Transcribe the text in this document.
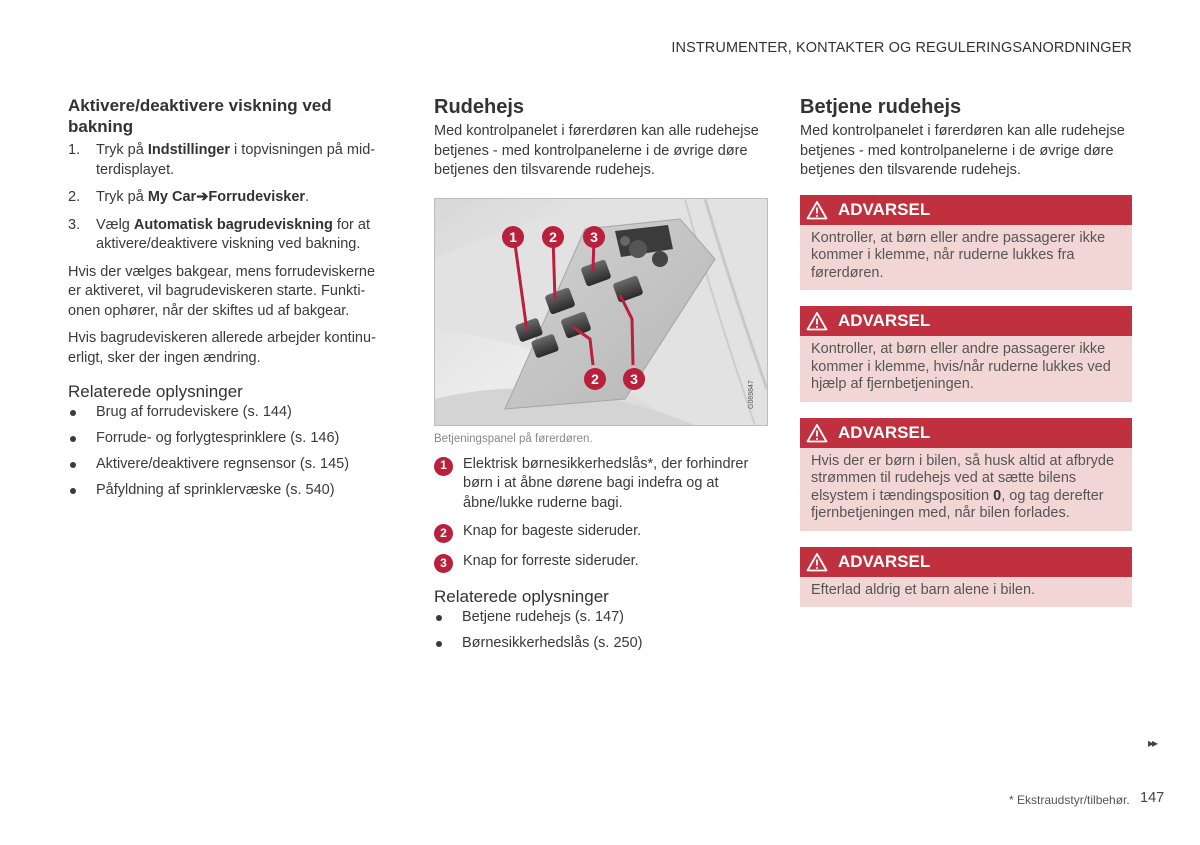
INSTRUMENTER, KONTAKTER OG REGULERINGSANORDNINGER
Aktivere/deaktivere viskning ved bakning
1.	Tryk på Indstillinger i topvisningen på midterdisplayet.
2.	Tryk på My Car➔Forrudevisker.
3.	Vælg Automatisk bagrudeviskning for at aktivere/deaktivere viskning ved bakning.

Hvis der vælges bakgear, mens forrudeviskerne er aktiveret, vil bagrudeviskeren starte. Funktionen ophører, når der skiftes ud af bakgear.

Hvis bagrudeviskeren allerede arbejder kontinuerligt, sker der ingen ændring.

Relaterede oplysninger
Brug af forrudeviskere (s. 144)
Forrude- og forlygtesprinklere (s. 146)
Aktivere/deaktivere regnsensor (s. 145)
Påfyldning af sprinklervæske (s. 540)
Rudehejs

Med kontrolpanelet i førerdøren kan alle rudehejse betjenes - med kontrolpanelerne i de øvrige døre betjenes den tilsvarende rudehejs.

1 2 3
2 3
G069847
Betjeningspanel på førerdøren.
1	Elektrisk børnesikkerhedslås*, der forhindrer børn i at åbne dørene bagi indefra og at åbne/lukke ruderne bagi.
2	Knap for bageste sideruder.
3	Knap for forreste sideruder.
Relaterede oplysninger
Betjene rudehejs (s. 147)
Børnesikkerhedslås (s. 250)
Betjene rudehejs

Med kontrolpanelet i førerdøren kan alle rudehejse betjenes - med kontrolpanelerne i de øvrige døre betjenes den tilsvarende rudehejs.

ADVARSEL
Kontroller, at børn eller andre passagerer ikke kommer i klemme, når ruderne lukkes fra førerdøren.
ADVARSEL
Kontroller, at børn eller andre passagerer ikke kommer i klemme, hvis/når ruderne lukkes ved hjælp af fjernbetjeningen.
ADVARSEL
Hvis der er børn i bilen, så husk altid at afbryde strømmen til rudehejs ved at sætte bilens elsystem i tændingsposition 0, og tag derefter fjernbetjeningen med, når bilen forlades.
ADVARSEL
Efterlad aldrig et barn alene i bilen.
▸▸
* Ekstraudstyr/tilbehør. 147
